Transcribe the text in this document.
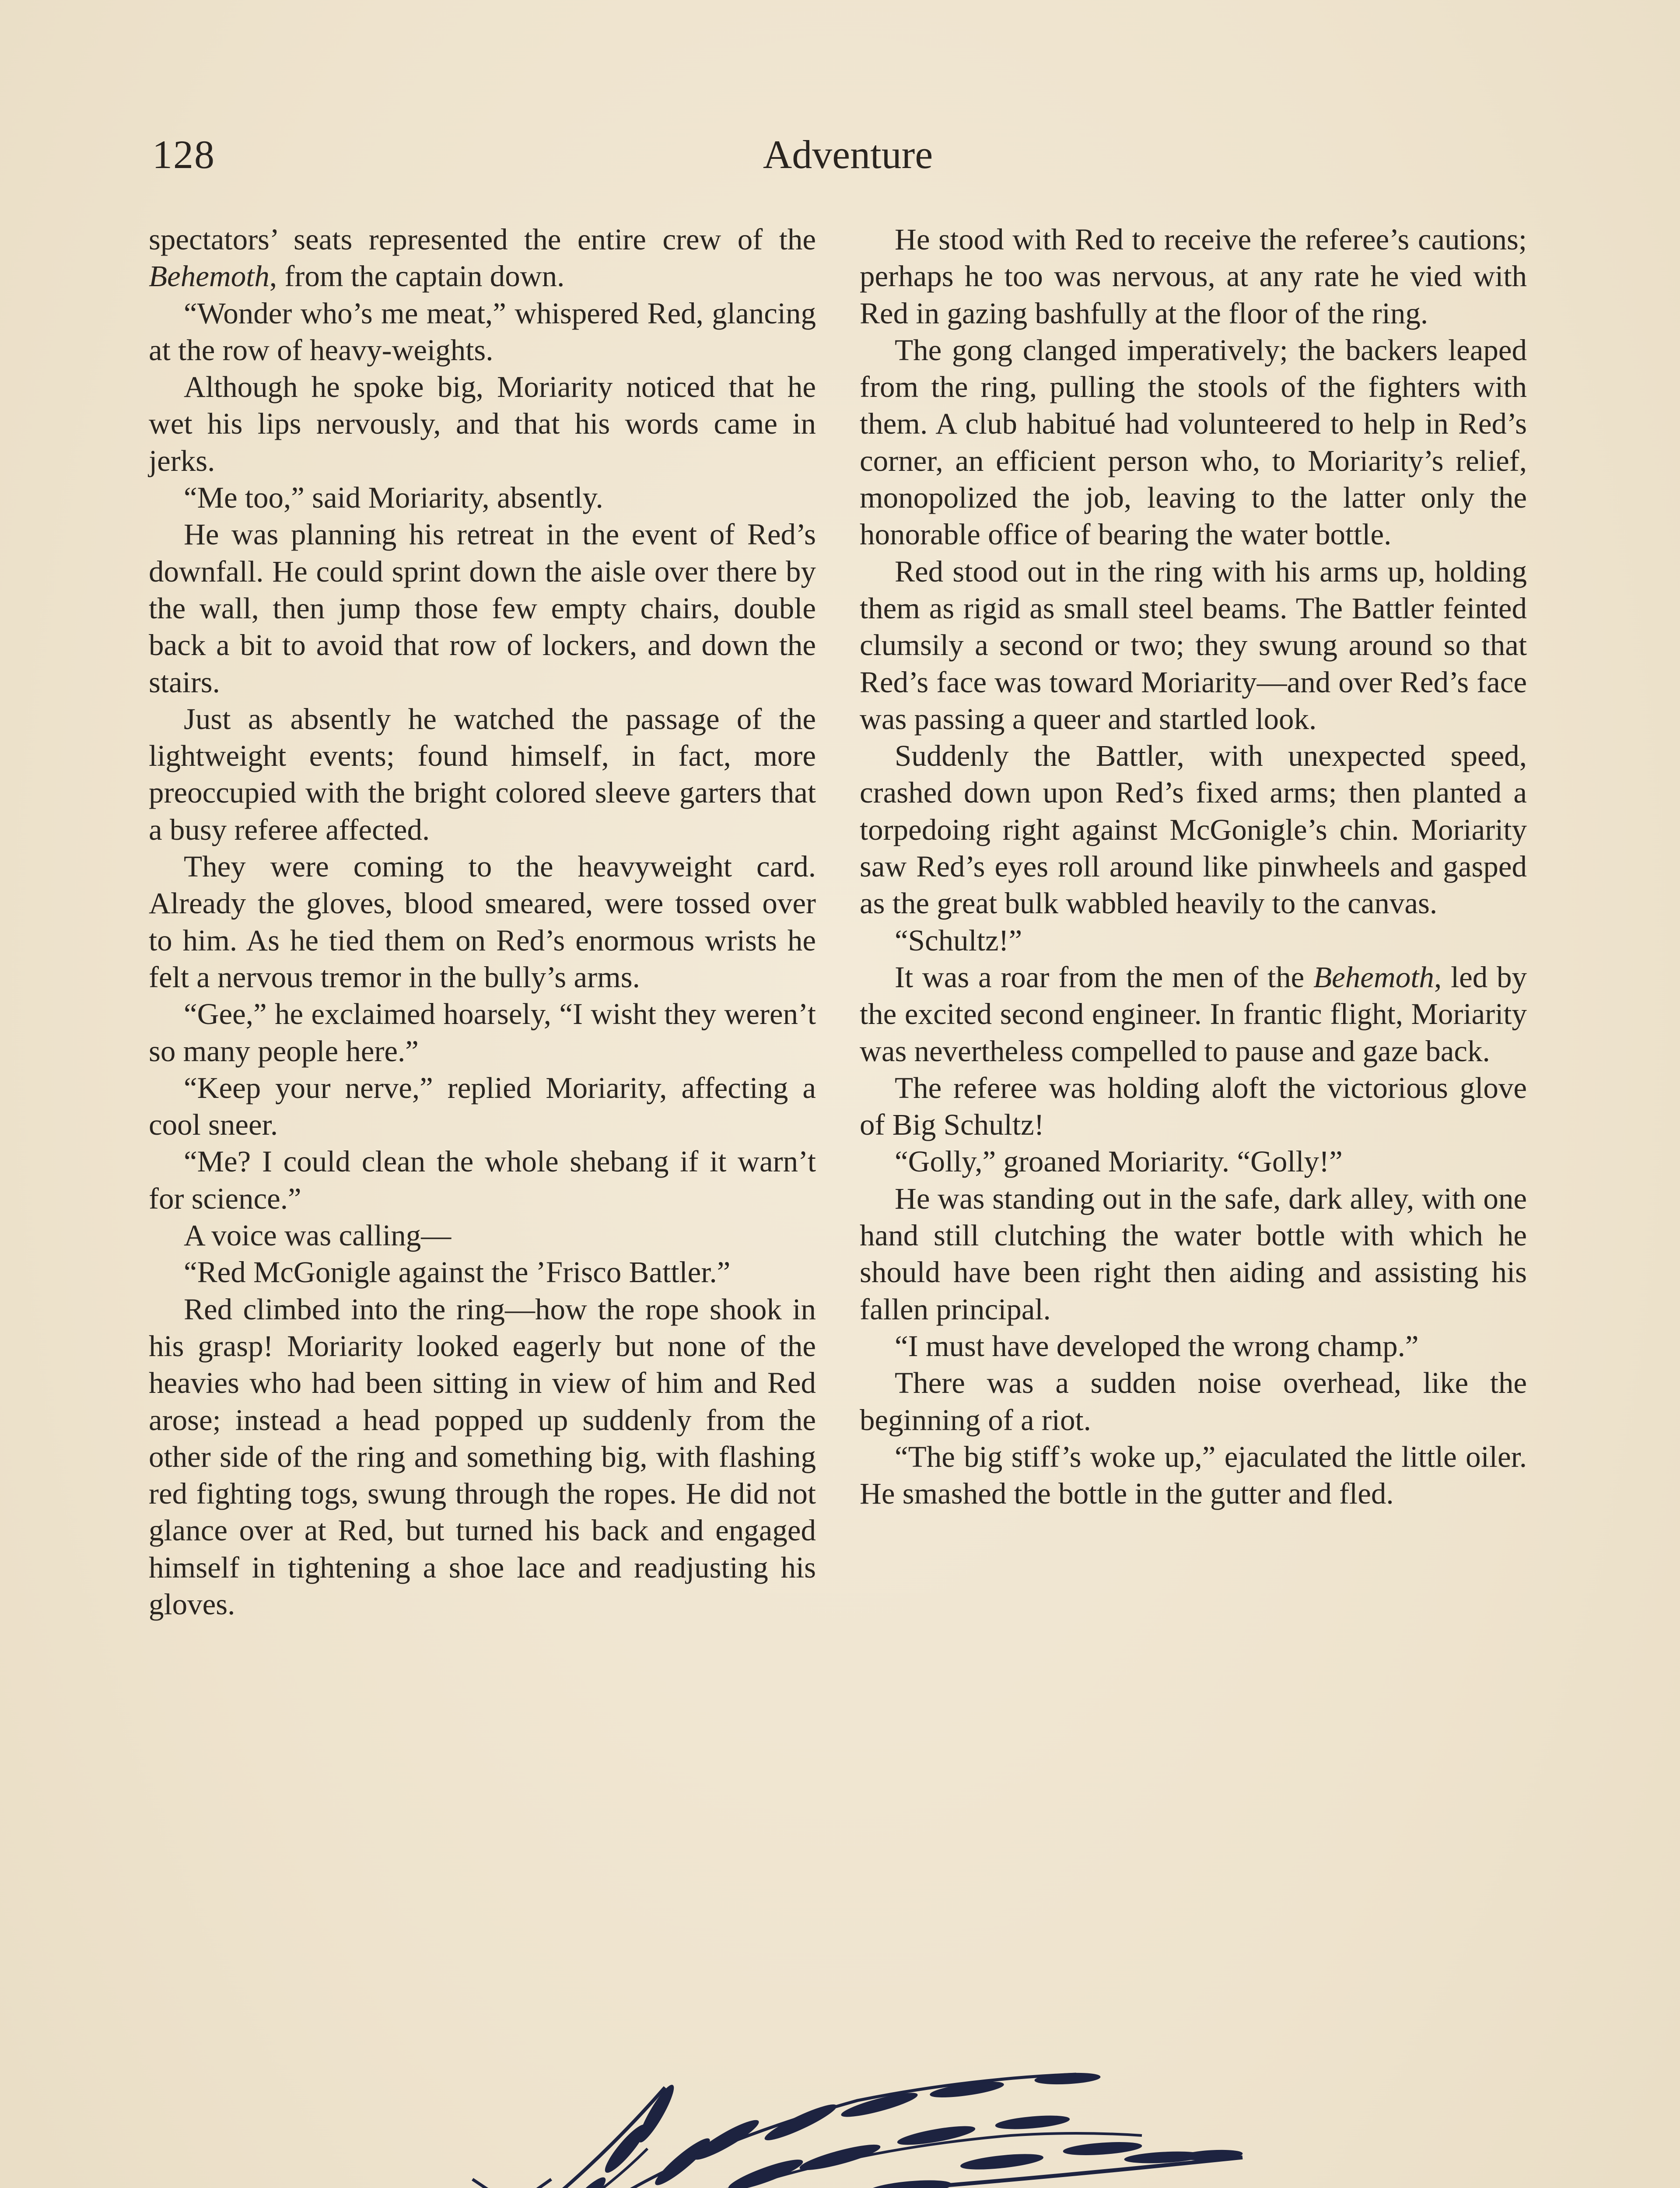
128	Adventure

spectators’ seats represented the entire crew of the Behemoth, from the captain down.

“Wonder who’s me meat,” whispered Red, glancing at the row of heavy-weights.

Although he spoke big, Moriarity noticed that he wet his lips nervously, and that his words came in jerks.

“Me too,” said Moriarity, absently.

He was planning his retreat in the event of Red’s downfall. He could sprint down the aisle over there by the wall, then jump those few empty chairs, double back a bit to avoid that row of lockers, and down the stairs.

Just as absently he watched the passage of the lightweight events; found himself, in fact, more preoccupied with the bright colored sleeve garters that a busy referee affected.

They were coming to the heavyweight card. Already the gloves, blood smeared, were tossed over to him. As he tied them on Red’s enormous wrists he felt a nervous tremor in the bully’s arms.

“Gee,” he exclaimed hoarsely, “I wisht they weren’t so many people here.”

“Keep your nerve,” replied Moriarity, affecting a cool sneer.

“Me? I could clean the whole shebang if it warn’t for science.”

A voice was calling—

“Red McGonigle against the ’Frisco Battler.”

Red climbed into the ring—how the rope shook in his grasp! Moriarity looked eagerly but none of the heavies who had been sitting in view of him and Red arose; instead a head popped up suddenly from the other side of the ring and something big, with flashing red fighting togs, swung through the ropes. He did not glance over at Red, but turned his back and engaged himself in tightening a shoe lace and readjusting his gloves.

He stood with Red to receive the referee’s cautions; perhaps he too was nervous, at any rate he vied with Red in gazing bashfully at the floor of the ring.

The gong clanged imperatively; the backers leaped from the ring, pulling the stools of the fighters with them. A club habitué had volunteered to help in Red’s corner, an efficient person who, to Moriarity’s relief, monopolized the job, leaving to the latter only the honorable office of bearing the water bottle.

Red stood out in the ring with his arms up, holding them as rigid as small steel beams. The Battler feinted clumsily a second or two; they swung around so that Red’s face was toward Moriarity—and over Red’s face was passing a queer and startled look.

Suddenly the Battler, with unexpected speed, crashed down upon Red’s fixed arms; then planted a torpedoing right against McGonigle’s chin. Moriarity saw Red’s eyes roll around like pinwheels and gasped as the great bulk wabbled heavily to the canvas.

“Schultz!”

It was a roar from the men of the Behemoth, led by the excited second engineer. In frantic flight, Moriarity was nevertheless compelled to pause and gaze back.

The referee was holding aloft the victorious glove of Big Schultz!

“Golly,” groaned Moriarity. “Golly!”

He was standing out in the safe, dark alley, with one hand still clutching the water bottle with which he should have been right then aiding and assisting his fallen principal.

“I must have developed the wrong champ.”

There was a sudden noise overhead, like the beginning of a riot.

“The big stiff’s woke up,” ejaculated the little oiler. He smashed the bottle in the gutter and fled.
